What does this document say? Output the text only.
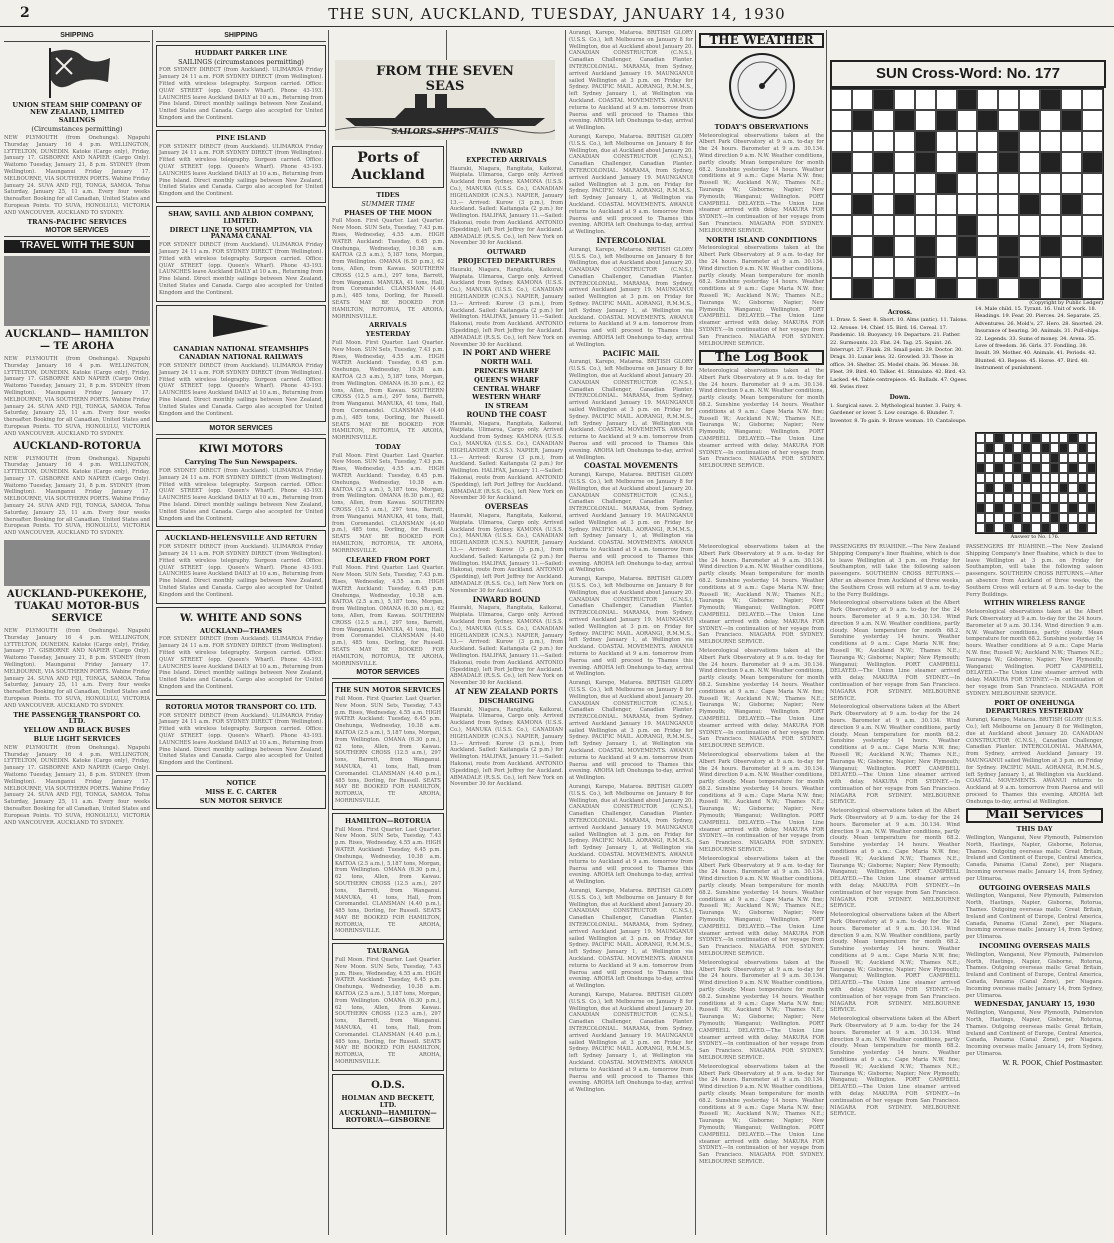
2	THE SUN, AUCKLAND, TUESDAY, JANUARY 14, 1930
SHIPPING
UNION STEAM SHIP COMPANY OF NEW ZEALAND, LIMITED
SAILINGS
(Circumstances permitting)
NEW PLYMOUTH (from Onehunga). Ngapuhi Thursday January 16 4 p.m. WELLINGTON, LYTTELTON, DUNEDIN. Katoke (Cargo only), Friday, January 17. GISBORNE AND NAPIER (Cargo Only). Waitomo Tuesday, January 21, 8 p.m. SYDNEY (from Wellington). Maunganui Friday January 17. MELBOURNE, VIA SOUTHERN PORTS. Wahine Friday January 24. SUVA AND FIJI, TONGA, SAMOA. Tofua Saturday, January 25, 11 a.m. Every four weeks thereafter. Booking for all Canadian, United States and European Points. TO SUVA, HONOLULU, VICTORIA AND VANCOUVER. AUCKLAND TO SYDNEY.
TRANS-PACIFIC SERVICES
MOTOR SERVICES
TRAVEL WITH THE SUN
AUCKLAND— HAMILTON— TE AROHA
NEW PLYMOUTH (from Onehunga). Ngapuhi Thursday January 16 4 p.m. WELLINGTON, LYTTELTON, DUNEDIN. Katoke (Cargo only), Friday, January 17. GISBORNE AND NAPIER (Cargo Only). Waitomo Tuesday, January 21, 8 p.m. SYDNEY (from Wellington). Maunganui Friday January 17. MELBOURNE, VIA SOUTHERN PORTS. Wahine Friday January 24. SUVA AND FIJI, TONGA, SAMOA. Tofua Saturday, January 25, 11 a.m. Every four weeks thereafter. Booking for all Canadian, United States and European Points. TO SUVA, HONOLULU, VICTORIA AND VANCOUVER. AUCKLAND TO SYDNEY.
AUCKLAND-ROTORUA
NEW PLYMOUTH (from Onehunga). Ngapuhi Thursday January 16 4 p.m. WELLINGTON, LYTTELTON, DUNEDIN. Katoke (Cargo only), Friday, January 17. GISBORNE AND NAPIER (Cargo Only). Waitomo Tuesday, January 21, 8 p.m. SYDNEY (from Wellington). Maunganui Friday January 17. MELBOURNE, VIA SOUTHERN PORTS. Wahine Friday January 24. SUVA AND FIJI, TONGA, SAMOA. Tofua Saturday, January 25, 11 a.m. Every four weeks thereafter. Booking for all Canadian, United States and European Points. TO SUVA, HONOLULU, VICTORIA AND VANCOUVER. AUCKLAND TO SYDNEY.
AUCKLAND-PUKEKOHE, TUAKAU MOTOR-BUS SERVICE
NEW PLYMOUTH (from Onehunga). Ngapuhi Thursday January 16 4 p.m. WELLINGTON, LYTTELTON, DUNEDIN. Katoke (Cargo only), Friday, January 17. GISBORNE AND NAPIER (Cargo Only). Waitomo Tuesday, January 21, 8 p.m. SYDNEY (from Wellington). Maunganui Friday January 17. MELBOURNE, VIA SOUTHERN PORTS. Wahine Friday January 24. SUVA AND FIJI, TONGA, SAMOA. Tofua Saturday, January 25, 11 a.m. Every four weeks thereafter. Booking for all Canadian, United States and European Points. TO SUVA, HONOLULU, VICTORIA AND VANCOUVER. AUCKLAND TO SYDNEY.
THE PASSENGER TRANSPORT CO. LTD.
YELLOW AND BLACK BUSES
BLUE LIGHT SERVICES
NEW PLYMOUTH (from Onehunga). Ngapuhi Thursday January 16 4 p.m. WELLINGTON, LYTTELTON, DUNEDIN. Katoke (Cargo only), Friday, January 17. GISBORNE AND NAPIER (Cargo Only). Waitomo Tuesday, January 21, 8 p.m. SYDNEY (from Wellington). Maunganui Friday January 17. MELBOURNE, VIA SOUTHERN PORTS. Wahine Friday January 24. SUVA AND FIJI, TONGA, SAMOA. Tofua Saturday, January 25, 11 a.m. Every four weeks thereafter. Booking for all Canadian, United States and European Points. TO SUVA, HONOLULU, VICTORIA AND VANCOUVER. AUCKLAND TO SYDNEY.
SHIPPING
HUDDART PARKER LINE
SAILINGS (circumstances permitting)
FOR SYDNEY DIRECT (from Auckland). ULIMAROA Friday January 24 11 a.m. FOR SYDNEY DIRECT (from Wellington). Fitted with wireless telegraphy. Surgeon carried. Office: QUAY STREET (opp. Queen's Wharf). Phone 43-193. LAUNCHES leave Auckland DAILY at 10 a.m., Returning from Pine Island. Direct monthly sailings between New Zealand, United States and Canada. Cargo also accepted for United Kingdom and the Continent.
PINE ISLAND
FOR SYDNEY DIRECT (from Auckland). ULIMAROA Friday January 24 11 a.m. FOR SYDNEY DIRECT (from Wellington). Fitted with wireless telegraphy. Surgeon carried. Office: QUAY STREET (opp. Queen's Wharf). Phone 43-193. LAUNCHES leave Auckland DAILY at 10 a.m., Returning from Pine Island. Direct monthly sailings between New Zealand, United States and Canada. Cargo also accepted for United Kingdom and the Continent.
SHAW, SAVILL AND ALBION COMPANY, LIMITED.
DIRECT LINE TO SOUTHAMPTON, VIA PANAMA CANAL
FOR SYDNEY DIRECT (from Auckland). ULIMAROA Friday January 24 11 a.m. FOR SYDNEY DIRECT (from Wellington). Fitted with wireless telegraphy. Surgeon carried. Office: QUAY STREET (opp. Queen's Wharf). Phone 43-193. LAUNCHES leave Auckland DAILY at 10 a.m., Returning from Pine Island. Direct monthly sailings between New Zealand, United States and Canada. Cargo also accepted for United Kingdom and the Continent.
CANADIAN NATIONAL STEAMSHIPS
CANADIAN NATIONAL RAILWAYS
FOR SYDNEY DIRECT (from Auckland). ULIMAROA Friday January 24 11 a.m. FOR SYDNEY DIRECT (from Wellington). Fitted with wireless telegraphy. Surgeon carried. Office: QUAY STREET (opp. Queen's Wharf). Phone 43-193. LAUNCHES leave Auckland DAILY at 10 a.m., Returning from Pine Island. Direct monthly sailings between New Zealand, United States and Canada. Cargo also accepted for United Kingdom and the Continent.
MOTOR SERVICES
KIWI MOTORS
Carrying The Sun Newspapers.
FOR SYDNEY DIRECT (from Auckland). ULIMAROA Friday January 24 11 a.m. FOR SYDNEY DIRECT (from Wellington). Fitted with wireless telegraphy. Surgeon carried. Office: QUAY STREET (opp. Queen's Wharf). Phone 43-193. LAUNCHES leave Auckland DAILY at 10 a.m., Returning from Pine Island. Direct monthly sailings between New Zealand, United States and Canada. Cargo also accepted for United Kingdom and the Continent.
AUCKLAND-HELENSVILLE AND RETURN
FOR SYDNEY DIRECT (from Auckland). ULIMAROA Friday January 24 11 a.m. FOR SYDNEY DIRECT (from Wellington). Fitted with wireless telegraphy. Surgeon carried. Office: QUAY STREET (opp. Queen's Wharf). Phone 43-193. LAUNCHES leave Auckland DAILY at 10 a.m., Returning from Pine Island. Direct monthly sailings between New Zealand, United States and Canada. Cargo also accepted for United Kingdom and the Continent.
W. WHITE AND SONS
AUCKLAND—THAMES
FOR SYDNEY DIRECT (from Auckland). ULIMAROA Friday January 24 11 a.m. FOR SYDNEY DIRECT (from Wellington). Fitted with wireless telegraphy. Surgeon carried. Office: QUAY STREET (opp. Queen's Wharf). Phone 43-193. LAUNCHES leave Auckland DAILY at 10 a.m., Returning from Pine Island. Direct monthly sailings between New Zealand, United States and Canada. Cargo also accepted for United Kingdom and the Continent.
ROTORUA MOTOR TRANSPORT CO. LTD.
FOR SYDNEY DIRECT (from Auckland). ULIMAROA Friday January 24 11 a.m. FOR SYDNEY DIRECT (from Wellington). Fitted with wireless telegraphy. Surgeon carried. Office: QUAY STREET (opp. Queen's Wharf). Phone 43-193. LAUNCHES leave Auckland DAILY at 10 a.m., Returning from Pine Island. Direct monthly sailings between New Zealand, United States and Canada. Cargo also accepted for United Kingdom and the Continent.
NOTICE
MISS E. C. CARTER
SUN MOTOR SERVICE
Ports of Auckland
TIDES
SUMMER TIME
PHASES OF THE MOON
Full Moon. First Quarter. Last Quarter. New Moon. SUN Sets, Tuesday, 7.43 p.m. Rises, Wednesday, 4.55 a.m. HIGH WATER Auckland: Tuesday, 6.45 p.m. Onehunga, Wednesday, 10.38 a.m. KAITOA (2.5 a.m.), 5,187 tons, Morgan, from Wellington. OMANA (6.30 p.m.), 62 tons, Allen, from Kawau. SOUTHERN CROSS (12.5 a.m.), 297 tons, Barrett, from Wanganui. MANUKA, 41 tons, Hall, from Coromandel. CLANSMAN (4.40 p.m.), 485 tons, Dorling, for Russell. SEATS MAY BE BOOKED FOR HAMILTON, ROTORUA, TE AROHA, MORRINSVILLE.
ARRIVALS
YESTERDAY
Full Moon. First Quarter. Last Quarter. New Moon. SUN Sets, Tuesday, 7.43 p.m. Rises, Wednesday, 4.55 a.m. HIGH WATER Auckland: Tuesday, 6.45 p.m. Onehunga, Wednesday, 10.38 a.m. KAITOA (2.5 a.m.), 5,187 tons, Morgan, from Wellington. OMANA (6.30 p.m.), 62 tons, Allen, from Kawau. SOUTHERN CROSS (12.5 a.m.), 297 tons, Barrett, from Wanganui. MANUKA, 41 tons, Hall, from Coromandel. CLANSMAN (4.40 p.m.), 485 tons, Dorling, for Russell. SEATS MAY BE BOOKED FOR HAMILTON, ROTORUA, TE AROHA, MORRINSVILLE.
TODAY
Full Moon. First Quarter. Last Quarter. New Moon. SUN Sets, Tuesday, 7.43 p.m. Rises, Wednesday, 4.55 a.m. HIGH WATER Auckland: Tuesday, 6.45 p.m. Onehunga, Wednesday, 10.38 a.m. KAITOA (2.5 a.m.), 5,187 tons, Morgan, from Wellington. OMANA (6.30 p.m.), 62 tons, Allen, from Kawau. SOUTHERN CROSS (12.5 a.m.), 297 tons, Barrett, from Wanganui. MANUKA, 41 tons, Hall, from Coromandel. CLANSMAN (4.40 p.m.), 485 tons, Dorling, for Russell. SEATS MAY BE BOOKED FOR HAMILTON, ROTORUA, TE AROHA, MORRINSVILLE.
CLEARED FROM PORT
Full Moon. First Quarter. Last Quarter. New Moon. SUN Sets, Tuesday, 7.43 p.m. Rises, Wednesday, 4.55 a.m. HIGH WATER Auckland: Tuesday, 6.45 p.m. Onehunga, Wednesday, 10.38 a.m. KAITOA (2.5 a.m.), 5,187 tons, Morgan, from Wellington. OMANA (6.30 p.m.), 62 tons, Allen, from Kawau. SOUTHERN CROSS (12.5 a.m.), 297 tons, Barrett, from Wanganui. MANUKA, 41 tons, Hall, from Coromandel. CLANSMAN (4.40 p.m.), 485 tons, Dorling, for Russell. SEATS MAY BE BOOKED FOR HAMILTON, ROTORUA, TE AROHA, MORRINSVILLE.
MOTOR SERVICES
THE SUN MOTOR SERVICES
Full Moon. First Quarter. Last Quarter. New Moon. SUN Sets, Tuesday, 7.43 p.m. Rises, Wednesday, 4.55 a.m. HIGH WATER Auckland: Tuesday, 6.45 p.m. Onehunga, Wednesday, 10.38 a.m. KAITOA (2.5 a.m.), 5,187 tons, Morgan, from Wellington. OMANA (6.30 p.m.), 62 tons, Allen, from Kawau. SOUTHERN CROSS (12.5 a.m.), 297 tons, Barrett, from Wanganui. MANUKA, 41 tons, Hall, from Coromandel. CLANSMAN (4.40 p.m.), 485 tons, Dorling, for Russell. SEATS MAY BE BOOKED FOR HAMILTON, ROTORUA, TE AROHA, MORRINSVILLE.
HAMILTON—ROTORUA
Full Moon. First Quarter. Last Quarter. New Moon. SUN Sets, Tuesday, 7.43 p.m. Rises, Wednesday, 4.55 a.m. HIGH WATER Auckland: Tuesday, 6.45 p.m. Onehunga, Wednesday, 10.38 a.m. KAITOA (2.5 a.m.), 5,187 tons, Morgan, from Wellington. OMANA (6.30 p.m.), 62 tons, Allen, from Kawau. SOUTHERN CROSS (12.5 a.m.), 297 tons, Barrett, from Wanganui. MANUKA, 41 tons, Hall, from Coromandel. CLANSMAN (4.40 p.m.), 485 tons, Dorling, for Russell. SEATS MAY BE BOOKED FOR HAMILTON, ROTORUA, TE AROHA, MORRINSVILLE.
TAURANGA
Full Moon. First Quarter. Last Quarter. New Moon. SUN Sets, Tuesday, 7.43 p.m. Rises, Wednesday, 4.55 a.m. HIGH WATER Auckland: Tuesday, 6.45 p.m. Onehunga, Wednesday, 10.38 a.m. KAITOA (2.5 a.m.), 5,187 tons, Morgan, from Wellington. OMANA (6.30 p.m.), 62 tons, Allen, from Kawau. SOUTHERN CROSS (12.5 a.m.), 297 tons, Barrett, from Wanganui. MANUKA, 41 tons, Hall, from Coromandel. CLANSMAN (4.40 p.m.), 485 tons, Dorling, for Russell. SEATS MAY BE BOOKED FOR HAMILTON, ROTORUA, TE AROHA, MORRINSVILLE.
O.D.S.
HOLMAN AND BECKETT, LTD.
AUCKLAND—HAMILTON—ROTORUA—GISBORNE
FROM THE SEVEN SEAS
SAILORS-SHIPS-MAILS
INWARD
EXPECTED ARRIVALS
Hauraki, Niagara, Rangitata, Kaikorai, Waipiata. Ulimaroa, Cargo only. Arrived Auckland from Sydney. KAMONA (U.S.S. Co.), MANUKA (U.S.S. Co.), CANADIAN HIGHLANDER (C.N.S.). NAPIER, January 13.— Arrived: Kurow (3 p.m.), from Auckland. Sailed: Kaitangata (2 p.m.) for Wellington. HALIFAX, January 11.—Sailed: Hakonai, route from Auckland. ANTONIO (Spedding), left Port Jeffrey for Auckland. ABMADALE (R.S.S. Co.), left New York on November 30 for Auckland.
OUTWARD
PROJECTED DEPARTURES
Hauraki, Niagara, Rangitata, Kaikorai, Waipiata. Ulimaroa, Cargo only. Arrived Auckland from Sydney. KAMONA (U.S.S. Co.), MANUKA (U.S.S. Co.), CANADIAN HIGHLANDER (C.N.S.). NAPIER, January 13.— Arrived: Kurow (3 p.m.), from Auckland. Sailed: Kaitangata (2 p.m.) for Wellington. HALIFAX, January 11.—Sailed: Hakonai, route from Auckland. ANTONIO (Spedding), left Port Jeffrey for Auckland. ABMADALE (R.S.S. Co.), left New York on November 30 for Auckland.
IN PORT AND WHERE
NORTH WALL
PRINCES WHARF
QUEEN'S WHARF
CENTRAL WHARF
WESTERN WHARF
IN STREAM
ROUND THE COAST
Hauraki, Niagara, Rangitata, Kaikorai, Waipiata. Ulimaroa, Cargo only. Arrived Auckland from Sydney. KAMONA (U.S.S. Co.), MANUKA (U.S.S. Co.), CANADIAN HIGHLANDER (C.N.S.). NAPIER, January 13.— Arrived: Kurow (3 p.m.), from Auckland. Sailed: Kaitangata (2 p.m.) for Wellington. HALIFAX, January 11.—Sailed: Hakonai, route from Auckland. ANTONIO (Spedding), left Port Jeffrey for Auckland. ABMADALE (R.S.S. Co.), left New York on November 30 for Auckland.
OVERSEAS
Hauraki, Niagara, Rangitata, Kaikorai, Waipiata. Ulimaroa, Cargo only. Arrived Auckland from Sydney. KAMONA (U.S.S. Co.), MANUKA (U.S.S. Co.), CANADIAN HIGHLANDER (C.N.S.). NAPIER, January 13.— Arrived: Kurow (3 p.m.), from Auckland. Sailed: Kaitangata (2 p.m.) for Wellington. HALIFAX, January 11.—Sailed: Hakonai, route from Auckland. ANTONIO (Spedding), left Port Jeffrey for Auckland. ABMADALE (R.S.S. Co.), left New York on November 30 for Auckland.
INWARD BOUND
Hauraki, Niagara, Rangitata, Kaikorai, Waipiata. Ulimaroa, Cargo only. Arrived Auckland from Sydney. KAMONA (U.S.S. Co.), MANUKA (U.S.S. Co.), CANADIAN HIGHLANDER (C.N.S.). NAPIER, January 13.— Arrived: Kurow (3 p.m.), from Auckland. Sailed: Kaitangata (2 p.m.) for Wellington. HALIFAX, January 11.—Sailed: Hakonai, route from Auckland. ANTONIO (Spedding), left Port Jeffrey for Auckland. ABMADALE (R.S.S. Co.), left New York on November 30 for Auckland.
AT NEW ZEALAND PORTS
DISCHARGING
Hauraki, Niagara, Rangitata, Kaikorai, Waipiata. Ulimaroa, Cargo only. Arrived Auckland from Sydney. KAMONA (U.S.S. Co.), MANUKA (U.S.S. Co.), CANADIAN HIGHLANDER (C.N.S.). NAPIER, January 13.— Arrived: Kurow (3 p.m.), from Auckland. Sailed: Kaitangata (2 p.m.) for Wellington. HALIFAX, January 11.—Sailed: Hakonai, route from Auckland. ANTONIO (Spedding), left Port Jeffrey for Auckland. ABMADALE (R.S.S. Co.), left New York on November 30 for Auckland.
Aurangi, Karepo, Mataroa. BRITISH GLORY (U.S.S. Co.), left Melbourne on January 8 for Wellington, due at Auckland about January 20. CANADIAN CONSTRUCTOR (C.N.S.), Canadian Challenger, Canadian Planter. INTERCOLONIAL. MARAMA, from Sydney, arrived Auckland January 19. MAUNGANUI sailed Wellington at 3 p.m. on Friday for Sydney. PACIFIC MAIL. AORANGI, R.M.M.S., left Sydney January 1, at Wellington via Auckland. COASTAL MOVEMENTS. AWANUI returns to Auckland at 9 a.m. tomorrow from Paeroa and will proceed to Thames this evening. AROHA left Onehunga to-day, arrival at Wellington.
Aurangi, Karepo, Mataroa. BRITISH GLORY (U.S.S. Co.), left Melbourne on January 8 for Wellington, due at Auckland about January 20. CANADIAN CONSTRUCTOR (C.N.S.), Canadian Challenger, Canadian Planter. INTERCOLONIAL. MARAMA, from Sydney, arrived Auckland January 19. MAUNGANUI sailed Wellington at 3 p.m. on Friday for Sydney. PACIFIC MAIL. AORANGI, R.M.M.S., left Sydney January 1, at Wellington via Auckland. COASTAL MOVEMENTS. AWANUI returns to Auckland at 9 a.m. tomorrow from Paeroa and will proceed to Thames this evening. AROHA left Onehunga to-day, arrival at Wellington.
INTERCOLONIAL
Aurangi, Karepo, Mataroa. BRITISH GLORY (U.S.S. Co.), left Melbourne on January 8 for Wellington, due at Auckland about January 20. CANADIAN CONSTRUCTOR (C.N.S.), Canadian Challenger, Canadian Planter. INTERCOLONIAL. MARAMA, from Sydney, arrived Auckland January 19. MAUNGANUI sailed Wellington at 3 p.m. on Friday for Sydney. PACIFIC MAIL. AORANGI, R.M.M.S., left Sydney January 1, at Wellington via Auckland. COASTAL MOVEMENTS. AWANUI returns to Auckland at 9 a.m. tomorrow from Paeroa and will proceed to Thames this evening. AROHA left Onehunga to-day, arrival at Wellington.
PACIFIC MAIL
Aurangi, Karepo, Mataroa. BRITISH GLORY (U.S.S. Co.), left Melbourne on January 8 for Wellington, due at Auckland about January 20. CANADIAN CONSTRUCTOR (C.N.S.), Canadian Challenger, Canadian Planter. INTERCOLONIAL. MARAMA, from Sydney, arrived Auckland January 19. MAUNGANUI sailed Wellington at 3 p.m. on Friday for Sydney. PACIFIC MAIL. AORANGI, R.M.M.S., left Sydney January 1, at Wellington via Auckland. COASTAL MOVEMENTS. AWANUI returns to Auckland at 9 a.m. tomorrow from Paeroa and will proceed to Thames this evening. AROHA left Onehunga to-day, arrival at Wellington.
COASTAL MOVEMENTS
Aurangi, Karepo, Mataroa. BRITISH GLORY (U.S.S. Co.), left Melbourne on January 8 for Wellington, due at Auckland about January 20. CANADIAN CONSTRUCTOR (C.N.S.), Canadian Challenger, Canadian Planter. INTERCOLONIAL. MARAMA, from Sydney, arrived Auckland January 19. MAUNGANUI sailed Wellington at 3 p.m. on Friday for Sydney. PACIFIC MAIL. AORANGI, R.M.M.S., left Sydney January 1, at Wellington via Auckland. COASTAL MOVEMENTS. AWANUI returns to Auckland at 9 a.m. tomorrow from Paeroa and will proceed to Thames this evening. AROHA left Onehunga to-day, arrival at Wellington.
Aurangi, Karepo, Mataroa. BRITISH GLORY (U.S.S. Co.), left Melbourne on January 8 for Wellington, due at Auckland about January 20. CANADIAN CONSTRUCTOR (C.N.S.), Canadian Challenger, Canadian Planter. INTERCOLONIAL. MARAMA, from Sydney, arrived Auckland January 19. MAUNGANUI sailed Wellington at 3 p.m. on Friday for Sydney. PACIFIC MAIL. AORANGI, R.M.M.S., left Sydney January 1, at Wellington via Auckland. COASTAL MOVEMENTS. AWANUI returns to Auckland at 9 a.m. tomorrow from Paeroa and will proceed to Thames this evening. AROHA left Onehunga to-day, arrival at Wellington.
Aurangi, Karepo, Mataroa. BRITISH GLORY (U.S.S. Co.), left Melbourne on January 8 for Wellington, due at Auckland about January 20. CANADIAN CONSTRUCTOR (C.N.S.), Canadian Challenger, Canadian Planter. INTERCOLONIAL. MARAMA, from Sydney, arrived Auckland January 19. MAUNGANUI sailed Wellington at 3 p.m. on Friday for Sydney. PACIFIC MAIL. AORANGI, R.M.M.S., left Sydney January 1, at Wellington via Auckland. COASTAL MOVEMENTS. AWANUI returns to Auckland at 9 a.m. tomorrow from Paeroa and will proceed to Thames this evening. AROHA left Onehunga to-day, arrival at Wellington.
Aurangi, Karepo, Mataroa. BRITISH GLORY (U.S.S. Co.), left Melbourne on January 8 for Wellington, due at Auckland about January 20. CANADIAN CONSTRUCTOR (C.N.S.), Canadian Challenger, Canadian Planter. INTERCOLONIAL. MARAMA, from Sydney, arrived Auckland January 19. MAUNGANUI sailed Wellington at 3 p.m. on Friday for Sydney. PACIFIC MAIL. AORANGI, R.M.M.S., left Sydney January 1, at Wellington via Auckland. COASTAL MOVEMENTS. AWANUI returns to Auckland at 9 a.m. tomorrow from Paeroa and will proceed to Thames this evening. AROHA left Onehunga to-day, arrival at Wellington.
Aurangi, Karepo, Mataroa. BRITISH GLORY (U.S.S. Co.), left Melbourne on January 8 for Wellington, due at Auckland about January 20. CANADIAN CONSTRUCTOR (C.N.S.), Canadian Challenger, Canadian Planter. INTERCOLONIAL. MARAMA, from Sydney, arrived Auckland January 19. MAUNGANUI sailed Wellington at 3 p.m. on Friday for Sydney. PACIFIC MAIL. AORANGI, R.M.M.S., left Sydney January 1, at Wellington via Auckland. COASTAL MOVEMENTS. AWANUI returns to Auckland at 9 a.m. tomorrow from Paeroa and will proceed to Thames this evening. AROHA left Onehunga to-day, arrival at Wellington.
Aurangi, Karepo, Mataroa. BRITISH GLORY (U.S.S. Co.), left Melbourne on January 8 for Wellington, due at Auckland about January 20. CANADIAN CONSTRUCTOR (C.N.S.), Canadian Challenger, Canadian Planter. INTERCOLONIAL. MARAMA, from Sydney, arrived Auckland January 19. MAUNGANUI sailed Wellington at 3 p.m. on Friday for Sydney. PACIFIC MAIL. AORANGI, R.M.M.S., left Sydney January 1, at Wellington via Auckland. COASTAL MOVEMENTS. AWANUI returns to Auckland at 9 a.m. tomorrow from Paeroa and will proceed to Thames this evening. AROHA left Onehunga to-day, arrival at Wellington.
THE WEATHER
TODAY'S OBSERVATIONS
Meteorological observations taken at the Albert Park Observatory at 9 a.m. to-day for the 24 hours. Barometer at 9 a.m. 30.134. Wind direction 9 a.m. N.W. Weather conditions, partly cloudy. Mean temperature for month 68.2. Sunshine yesterday 14 hours. Weather conditions at 9 a.m.: Cape Maria N.W. fine; Russell W.; Auckland N.W.; Thames N.E.; Tauranga W.; Gisborne; Napier; New Plymouth; Wanganui; Wellington. PORT CAMPBELL DELAYED.—The Union Line steamer arrived with delay. MAKURA FOR SYDNEY.—In continuation of her voyage from San Francisco. NIAGARA FOR SYDNEY. MELBOURNE SERVICE.
NORTH ISLAND CONDITIONS
Meteorological observations taken at the Albert Park Observatory at 9 a.m. to-day for the 24 hours. Barometer at 9 a.m. 30.134. Wind direction 9 a.m. N.W. Weather conditions, partly cloudy. Mean temperature for month 68.2. Sunshine yesterday 14 hours. Weather conditions at 9 a.m.: Cape Maria N.W. fine; Russell W.; Auckland N.W.; Thames N.E.; Tauranga W.; Gisborne; Napier; New Plymouth; Wanganui; Wellington. PORT CAMPBELL DELAYED.—The Union Line steamer arrived with delay. MAKURA FOR SYDNEY.—In continuation of her voyage from San Francisco. NIAGARA FOR SYDNEY. MELBOURNE SERVICE.
The Log Book
Meteorological observations taken at the Albert Park Observatory at 9 a.m. to-day for the 24 hours. Barometer at 9 a.m. 30.134. Wind direction 9 a.m. N.W. Weather conditions, partly cloudy. Mean temperature for month 68.2. Sunshine yesterday 14 hours. Weather conditions at 9 a.m.: Cape Maria N.W. fine; Russell W.; Auckland N.W.; Thames N.E.; Tauranga W.; Gisborne; Napier; New Plymouth; Wanganui; Wellington. PORT CAMPBELL DELAYED.—The Union Line steamer arrived with delay. MAKURA FOR SYDNEY.—In continuation of her voyage from San Francisco. NIAGARA FOR SYDNEY. MELBOURNE SERVICE.
SUN Cross-Word: No. 177
(Copyright by Public Ledger)
Across.
1. Draw. 5. Seer. 8. Short. 10. Alms (antic). 11. Talons. 12. Arouse. 14. Chief. 15. Bird. 16. Cereal. 17. Pandemic. 18. Buoyancy. 19. Departure. 21. Father. 22. Surmounts. 23. Flat. 24. Tag. 25. Squint. 26. Interrupt. 27. Flunk. 28. Small point. 29. Doctor. 30. Drags. 31. Lunar lens. 32. Growled. 33. Those in office. 34. Shelter. 35. Model chain. 36. Mouse. 38. Fleet. 39. Bird. 40. Talker. 41. Stimulate. 42. Bird. 43. Lacked. 44. Table centrepiece. 45. Ballads. 47. Ogees. 48. Swiss river.
Down.
1. Surgical saws. 2. Mythological hunter. 3. Fairy. 4. Gardener or lover. 5. Low courage. 6. Blunder. 7. Inventor. 8. To gain. 9. Brave woman. 10. Cantaloupe.
14. Male child. 15. Tyrant. 16. Unit of work. 18. Headings. 19. Fear. 20. Pierces. 24. Separate. 25. Adventures. 26. Mold's. 27. Hero. 28. Snorted. 29. Insurance of bearing. 30. Animals. 31. Pull-ships. 32. Legends. 33. Sums of money. 34. Arena. 35. Love of freedom. 36. Girls. 37. Fondling. 38. Insult. 39. Mother. 40. Animals. 41. Periods. 42. Blunted. 43. Repose. 45. Horse. 47. Bird. 48. Instrument of punishment.
Answer to No. 176.
Meteorological observations taken at the Albert Park Observatory at 9 a.m. to-day for the 24 hours. Barometer at 9 a.m. 30.134. Wind direction 9 a.m. N.W. Weather conditions, partly cloudy. Mean temperature for month 68.2. Sunshine yesterday 14 hours. Weather conditions at 9 a.m.: Cape Maria N.W. fine; Russell W.; Auckland N.W.; Thames N.E.; Tauranga W.; Gisborne; Napier; New Plymouth; Wanganui; Wellington. PORT CAMPBELL DELAYED.—The Union Line steamer arrived with delay. MAKURA FOR SYDNEY.—In continuation of her voyage from San Francisco. NIAGARA FOR SYDNEY. MELBOURNE SERVICE.
Meteorological observations taken at the Albert Park Observatory at 9 a.m. to-day for the 24 hours. Barometer at 9 a.m. 30.134. Wind direction 9 a.m. N.W. Weather conditions, partly cloudy. Mean temperature for month 68.2. Sunshine yesterday 14 hours. Weather conditions at 9 a.m.: Cape Maria N.W. fine; Russell W.; Auckland N.W.; Thames N.E.; Tauranga W.; Gisborne; Napier; New Plymouth; Wanganui; Wellington. PORT CAMPBELL DELAYED.—The Union Line steamer arrived with delay. MAKURA FOR SYDNEY.—In continuation of her voyage from San Francisco. NIAGARA FOR SYDNEY. MELBOURNE SERVICE.
Meteorological observations taken at the Albert Park Observatory at 9 a.m. to-day for the 24 hours. Barometer at 9 a.m. 30.134. Wind direction 9 a.m. N.W. Weather conditions, partly cloudy. Mean temperature for month 68.2. Sunshine yesterday 14 hours. Weather conditions at 9 a.m.: Cape Maria N.W. fine; Russell W.; Auckland N.W.; Thames N.E.; Tauranga W.; Gisborne; Napier; New Plymouth; Wanganui; Wellington. PORT CAMPBELL DELAYED.—The Union Line steamer arrived with delay. MAKURA FOR SYDNEY.—In continuation of her voyage from San Francisco. NIAGARA FOR SYDNEY. MELBOURNE SERVICE.
Meteorological observations taken at the Albert Park Observatory at 9 a.m. to-day for the 24 hours. Barometer at 9 a.m. 30.134. Wind direction 9 a.m. N.W. Weather conditions, partly cloudy. Mean temperature for month 68.2. Sunshine yesterday 14 hours. Weather conditions at 9 a.m.: Cape Maria N.W. fine; Russell W.; Auckland N.W.; Thames N.E.; Tauranga W.; Gisborne; Napier; New Plymouth; Wanganui; Wellington. PORT CAMPBELL DELAYED.—The Union Line steamer arrived with delay. MAKURA FOR SYDNEY.—In continuation of her voyage from San Francisco. NIAGARA FOR SYDNEY. MELBOURNE SERVICE.
Meteorological observations taken at the Albert Park Observatory at 9 a.m. to-day for the 24 hours. Barometer at 9 a.m. 30.134. Wind direction 9 a.m. N.W. Weather conditions, partly cloudy. Mean temperature for month 68.2. Sunshine yesterday 14 hours. Weather conditions at 9 a.m.: Cape Maria N.W. fine; Russell W.; Auckland N.W.; Thames N.E.; Tauranga W.; Gisborne; Napier; New Plymouth; Wanganui; Wellington. PORT CAMPBELL DELAYED.—The Union Line steamer arrived with delay. MAKURA FOR SYDNEY.—In continuation of her voyage from San Francisco. NIAGARA FOR SYDNEY. MELBOURNE SERVICE.
Meteorological observations taken at the Albert Park Observatory at 9 a.m. to-day for the 24 hours. Barometer at 9 a.m. 30.134. Wind direction 9 a.m. N.W. Weather conditions, partly cloudy. Mean temperature for month 68.2. Sunshine yesterday 14 hours. Weather conditions at 9 a.m.: Cape Maria N.W. fine; Russell W.; Auckland N.W.; Thames N.E.; Tauranga W.; Gisborne; Napier; New Plymouth; Wanganui; Wellington. PORT CAMPBELL DELAYED.—The Union Line steamer arrived with delay. MAKURA FOR SYDNEY.—In continuation of her voyage from San Francisco. NIAGARA FOR SYDNEY. MELBOURNE SERVICE.
PASSENGERS BY RUAHINE.—The New Zealand Shipping Company's liner Ruahine, which is due to leave Wellington at 3 p.m. on Friday for Southampton, will take the following saloon passengers. SOUTHERN CROSS RETURNS.—After an absence from Auckland of three weeks, the Southern Cross will return at 9 a.m. to-day to the Ferry Buildings.
Meteorological observations taken at the Albert Park Observatory at 9 a.m. to-day for the 24 hours. Barometer at 9 a.m. 30.134. Wind direction 9 a.m. N.W. Weather conditions, partly cloudy. Mean temperature for month 68.2. Sunshine yesterday 14 hours. Weather conditions at 9 a.m.: Cape Maria N.W. fine; Russell W.; Auckland N.W.; Thames N.E.; Tauranga W.; Gisborne; Napier; New Plymouth; Wanganui; Wellington. PORT CAMPBELL DELAYED.—The Union Line steamer arrived with delay. MAKURA FOR SYDNEY.—In continuation of her voyage from San Francisco. NIAGARA FOR SYDNEY. MELBOURNE SERVICE.
Meteorological observations taken at the Albert Park Observatory at 9 a.m. to-day for the 24 hours. Barometer at 9 a.m. 30.134. Wind direction 9 a.m. N.W. Weather conditions, partly cloudy. Mean temperature for month 68.2. Sunshine yesterday 14 hours. Weather conditions at 9 a.m.: Cape Maria N.W. fine; Russell W.; Auckland N.W.; Thames N.E.; Tauranga W.; Gisborne; Napier; New Plymouth; Wanganui; Wellington. PORT CAMPBELL DELAYED.—The Union Line steamer arrived with delay. MAKURA FOR SYDNEY.—In continuation of her voyage from San Francisco. NIAGARA FOR SYDNEY. MELBOURNE SERVICE.
Meteorological observations taken at the Albert Park Observatory at 9 a.m. to-day for the 24 hours. Barometer at 9 a.m. 30.134. Wind direction 9 a.m. N.W. Weather conditions, partly cloudy. Mean temperature for month 68.2. Sunshine yesterday 14 hours. Weather conditions at 9 a.m.: Cape Maria N.W. fine; Russell W.; Auckland N.W.; Thames N.E.; Tauranga W.; Gisborne; Napier; New Plymouth; Wanganui; Wellington. PORT CAMPBELL DELAYED.—The Union Line steamer arrived with delay. MAKURA FOR SYDNEY.—In continuation of her voyage from San Francisco. NIAGARA FOR SYDNEY. MELBOURNE SERVICE.
Meteorological observations taken at the Albert Park Observatory at 9 a.m. to-day for the 24 hours. Barometer at 9 a.m. 30.134. Wind direction 9 a.m. N.W. Weather conditions, partly cloudy. Mean temperature for month 68.2. Sunshine yesterday 14 hours. Weather conditions at 9 a.m.: Cape Maria N.W. fine; Russell W.; Auckland N.W.; Thames N.E.; Tauranga W.; Gisborne; Napier; New Plymouth; Wanganui; Wellington. PORT CAMPBELL DELAYED.—The Union Line steamer arrived with delay. MAKURA FOR SYDNEY.—In continuation of her voyage from San Francisco. NIAGARA FOR SYDNEY. MELBOURNE SERVICE.
Meteorological observations taken at the Albert Park Observatory at 9 a.m. to-day for the 24 hours. Barometer at 9 a.m. 30.134. Wind direction 9 a.m. N.W. Weather conditions, partly cloudy. Mean temperature for month 68.2. Sunshine yesterday 14 hours. Weather conditions at 9 a.m.: Cape Maria N.W. fine; Russell W.; Auckland N.W.; Thames N.E.; Tauranga W.; Gisborne; Napier; New Plymouth; Wanganui; Wellington. PORT CAMPBELL DELAYED.—The Union Line steamer arrived with delay. MAKURA FOR SYDNEY.—In continuation of her voyage from San Francisco. NIAGARA FOR SYDNEY. MELBOURNE SERVICE.
PASSENGERS BY RUAHINE.—The New Zealand Shipping Company's liner Ruahine, which is due to leave Wellington at 3 p.m. on Friday for Southampton, will take the following saloon passengers. SOUTHERN CROSS RETURNS.—After an absence from Auckland of three weeks, the Southern Cross will return at 9 a.m. to-day to the Ferry Buildings.
WITHIN WIRELESS RANGE
Meteorological observations taken at the Albert Park Observatory at 9 a.m. to-day for the 24 hours. Barometer at 9 a.m. 30.134. Wind direction 9 a.m. N.W. Weather conditions, partly cloudy. Mean temperature for month 68.2. Sunshine yesterday 14 hours. Weather conditions at 9 a.m.: Cape Maria N.W. fine; Russell W.; Auckland N.W.; Thames N.E.; Tauranga W.; Gisborne; Napier; New Plymouth; Wanganui; Wellington. PORT CAMPBELL DELAYED.—The Union Line steamer arrived with delay. MAKURA FOR SYDNEY.—In continuation of her voyage from San Francisco. NIAGARA FOR SYDNEY. MELBOURNE SERVICE.
PORT OF ONEHUNGA
DEPARTURES YESTERDAY
Aurangi, Karepo, Mataroa. BRITISH GLORY (U.S.S. Co.), left Melbourne on January 8 for Wellington, due at Auckland about January 20. CANADIAN CONSTRUCTOR (C.N.S.), Canadian Challenger, Canadian Planter. INTERCOLONIAL. MARAMA, from Sydney, arrived Auckland January 19. MAUNGANUI sailed Wellington at 3 p.m. on Friday for Sydney. PACIFIC MAIL. AORANGI, R.M.M.S., left Sydney January 1, at Wellington via Auckland. COASTAL MOVEMENTS. AWANUI returns to Auckland at 9 a.m. tomorrow from Paeroa and will proceed to Thames this evening. AROHA left Onehunga to-day, arrival at Wellington.
Mail Services
THIS DAY
Wellington, Wanganui, New Plymouth, Palmerston North, Hastings, Napier, Gisborne, Rotorua, Thames. Outgoing overseas mails: Great Britain, Ireland and Continent of Europe, Central America, Canada, Panama (Canal Zone), per Niagara. Incoming overseas mails: January 14, from Sydney, per Ulimaroa.
OUTGOING OVERSEAS MAILS
Wellington, Wanganui, New Plymouth, Palmerston North, Hastings, Napier, Gisborne, Rotorua, Thames. Outgoing overseas mails: Great Britain, Ireland and Continent of Europe, Central America, Canada, Panama (Canal Zone), per Niagara. Incoming overseas mails: January 14, from Sydney, per Ulimaroa.
INCOMING OVERSEAS MAILS
Wellington, Wanganui, New Plymouth, Palmerston North, Hastings, Napier, Gisborne, Rotorua, Thames. Outgoing overseas mails: Great Britain, Ireland and Continent of Europe, Central America, Canada, Panama (Canal Zone), per Niagara. Incoming overseas mails: January 14, from Sydney, per Ulimaroa.
WEDNESDAY, JANUARY 15, 1930
Wellington, Wanganui, New Plymouth, Palmerston North, Hastings, Napier, Gisborne, Rotorua, Thames. Outgoing overseas mails: Great Britain, Ireland and Continent of Europe, Central America, Canada, Panama (Canal Zone), per Niagara. Incoming overseas mails: January 14, from Sydney, per Ulimaroa.
W. R. POOK, Chief Postmaster.
